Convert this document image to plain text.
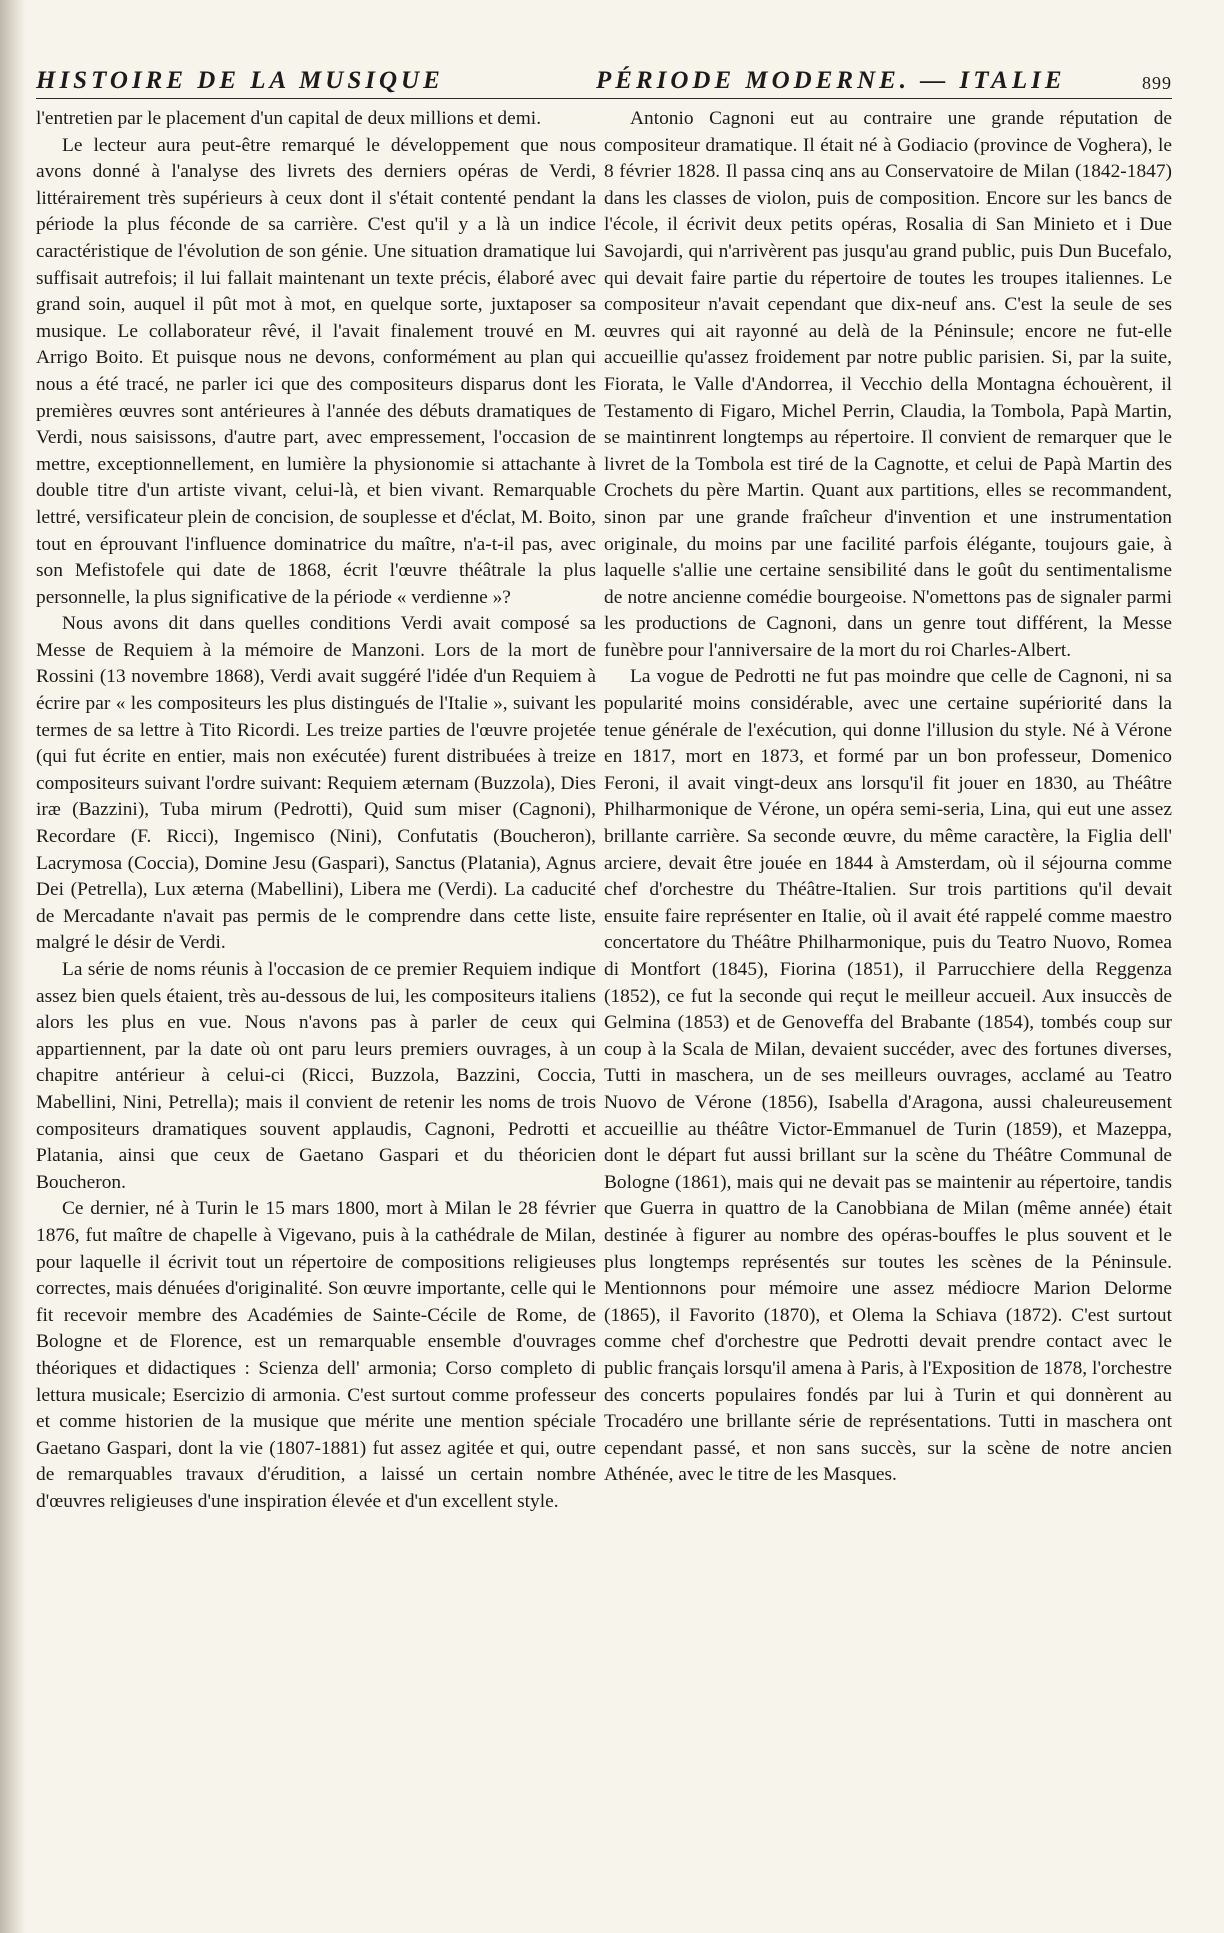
HISTOIRE DE LA MUSIQUE	PÉRIODE MODERNE. — ITALIE	899

l'entretien par le placement d'un capital de deux millions et demi.

Le lecteur aura peut-être remarqué le développement que nous avons donné à l'analyse des livrets des derniers opéras de Verdi, littérairement très supérieurs à ceux dont il s'était contenté pendant la période la plus féconde de sa carrière. C'est qu'il y a là un indice caractéristique de l'évolution de son génie. Une situation dramatique lui suffisait autrefois; il lui fallait maintenant un texte précis, élaboré avec grand soin, auquel il pût mot à mot, en quelque sorte, juxtaposer sa musique. Le collaborateur rêvé, il l'avait finalement trouvé en M. Arrigo Boito. Et puisque nous ne devons, conformément au plan qui nous a été tracé, ne parler ici que des compositeurs disparus dont les premières œuvres sont antérieures à l'année des débuts dramatiques de Verdi, nous saisissons, d'autre part, avec empressement, l'occasion de mettre, exceptionnellement, en lumière la physionomie si attachante à double titre d'un artiste vivant, celui-là, et bien vivant. Remarquable lettré, versificateur plein de concision, de souplesse et d'éclat, M. Boito, tout en éprouvant l'influence dominatrice du maître, n'a-t-il pas, avec son Mefistofele qui date de 1868, écrit l'œuvre théâtrale la plus personnelle, la plus significative de la période « verdienne »?

Nous avons dit dans quelles conditions Verdi avait composé sa Messe de Requiem à la mémoire de Manzoni. Lors de la mort de Rossini (13 novembre 1868), Verdi avait suggéré l'idée d'un Requiem à écrire par « les compositeurs les plus distingués de l'Italie », suivant les termes de sa lettre à Tito Ricordi. Les treize parties de l'œuvre projetée (qui fut écrite en entier, mais non exécutée) furent distribuées à treize compositeurs suivant l'ordre suivant: Requiem æternam (Buzzola), Dies iræ (Bazzini), Tuba mirum (Pedrotti), Quid sum miser (Cagnoni), Recordare (F. Ricci), Ingemisco (Nini), Confutatis (Boucheron), Lacrymosa (Coccia), Domine Jesu (Gaspari), Sanctus (Platania), Agnus Dei (Petrella), Lux æterna (Mabellini), Libera me (Verdi). La caducité de Mercadante n'avait pas permis de le comprendre dans cette liste, malgré le désir de Verdi.

La série de noms réunis à l'occasion de ce premier Requiem indique assez bien quels étaient, très au-dessous de lui, les compositeurs italiens alors les plus en vue. Nous n'avons pas à parler de ceux qui appartiennent, par la date où ont paru leurs premiers ouvrages, à un chapitre antérieur à celui-ci (Ricci, Buzzola, Bazzini, Coccia, Mabellini, Nini, Petrella); mais il convient de retenir les noms de trois compositeurs dramatiques souvent applaudis, Cagnoni, Pedrotti et Platania, ainsi que ceux de Gaetano Gaspari et du théoricien Boucheron.

Ce dernier, né à Turin le 15 mars 1800, mort à Milan le 28 février 1876, fut maître de chapelle à Vigevano, puis à la cathédrale de Milan, pour laquelle il écrivit tout un répertoire de compositions religieuses correctes, mais dénuées d'originalité. Son œuvre importante, celle qui le fit recevoir membre des Académies de Sainte-Cécile de Rome, de Bologne et de Florence, est un remarquable ensemble d'ouvrages théoriques et didactiques : Scienza dell' armonia; Corso completo di lettura musicale; Esercizio di armonia. C'est surtout comme professeur et comme historien de la musique que mérite une mention spéciale Gaetano Gaspari, dont la vie (1807-1881) fut assez agitée et qui, outre de remarquables travaux d'érudition, a laissé un certain nombre d'œuvres religieuses d'une inspiration élevée et d'un excellent style.

Antonio Cagnoni eut au contraire une grande réputation de compositeur dramatique. Il était né à Godiacio (province de Voghera), le 8 février 1828. Il passa cinq ans au Conservatoire de Milan (1842-1847) dans les classes de violon, puis de composition. Encore sur les bancs de l'école, il écrivit deux petits opéras, Rosalia di San Minieto et i Due Savojardi, qui n'arrivèrent pas jusqu'au grand public, puis Dun Bucefalo, qui devait faire partie du répertoire de toutes les troupes italiennes. Le compositeur n'avait cependant que dix-neuf ans. C'est la seule de ses œuvres qui ait rayonné au delà de la Péninsule; encore ne fut-elle accueillie qu'assez froidement par notre public parisien. Si, par la suite, Fiorata, le Valle d'Andorrea, il Vecchio della Montagna échouèrent, il Testamento di Figaro, Michel Perrin, Claudia, la Tombola, Papà Martin, se maintinrent longtemps au répertoire. Il convient de remarquer que le livret de la Tombola est tiré de la Cagnotte, et celui de Papà Martin des Crochets du père Martin. Quant aux partitions, elles se recommandent, sinon par une grande fraîcheur d'invention et une instrumentation originale, du moins par une facilité parfois élégante, toujours gaie, à laquelle s'allie une certaine sensibilité dans le goût du sentimentalisme de notre ancienne comédie bourgeoise. N'omettons pas de signaler parmi les productions de Cagnoni, dans un genre tout différent, la Messe funèbre pour l'anniversaire de la mort du roi Charles-Albert.

La vogue de Pedrotti ne fut pas moindre que celle de Cagnoni, ni sa popularité moins considérable, avec une certaine supériorité dans la tenue générale de l'exécution, qui donne l'illusion du style. Né à Vérone en 1817, mort en 1873, et formé par un bon professeur, Domenico Feroni, il avait vingt-deux ans lorsqu'il fit jouer en 1830, au Théâtre Philharmonique de Vérone, un opéra semi-seria, Lina, qui eut une assez brillante carrière. Sa seconde œuvre, du même caractère, la Figlia dell' arciere, devait être jouée en 1844 à Amsterdam, où il séjourna comme chef d'orchestre du Théâtre-Italien. Sur trois partitions qu'il devait ensuite faire représenter en Italie, où il avait été rappelé comme maestro concertatore du Théâtre Philharmonique, puis du Teatro Nuovo, Romea di Montfort (1845), Fiorina (1851), il Parrucchiere della Reggenza (1852), ce fut la seconde qui reçut le meilleur accueil. Aux insuccès de Gelmina (1853) et de Genoveffa del Brabante (1854), tombés coup sur coup à la Scala de Milan, devaient succéder, avec des fortunes diverses, Tutti in maschera, un de ses meilleurs ouvrages, acclamé au Teatro Nuovo de Vérone (1856), Isabella d'Aragona, aussi chaleureusement accueillie au théâtre Victor-Emmanuel de Turin (1859), et Mazeppa, dont le départ fut aussi brillant sur la scène du Théâtre Communal de Bologne (1861), mais qui ne devait pas se maintenir au répertoire, tandis que Guerra in quattro de la Canobbiana de Milan (même année) était destinée à figurer au nombre des opéras-bouffes le plus souvent et le plus longtemps représentés sur toutes les scènes de la Péninsule. Mentionnons pour mémoire une assez médiocre Marion Delorme (1865), il Favorito (1870), et Olema la Schiava (1872). C'est surtout comme chef d'orchestre que Pedrotti devait prendre contact avec le public français lorsqu'il amena à Paris, à l'Exposition de 1878, l'orchestre des concerts populaires fondés par lui à Turin et qui donnèrent au Trocadéro une brillante série de représentations. Tutti in maschera ont cependant passé, et non sans succès, sur la scène de notre ancien Athénée, avec le titre de les Masques.
